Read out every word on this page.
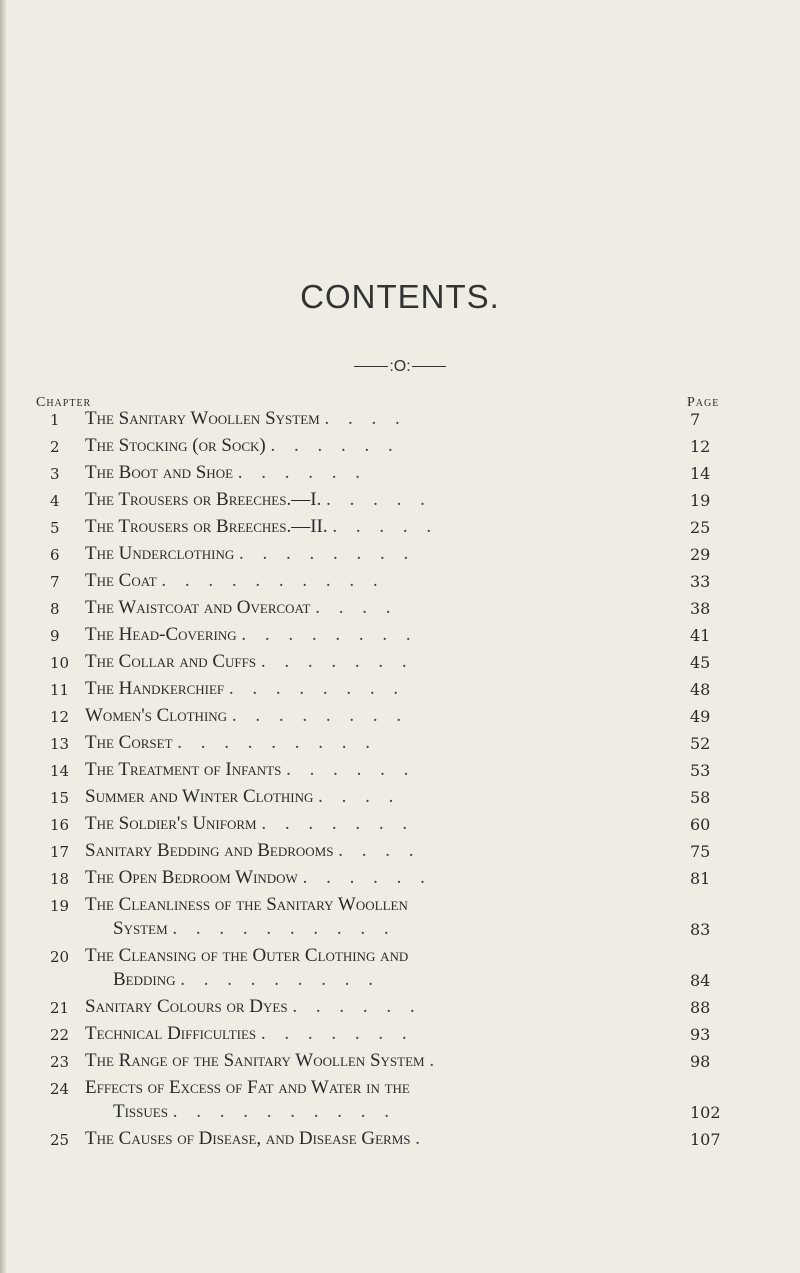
CONTENTS.
:O:
Chapter	Page
1	The Sanitary Woollen System . . . .	7
2	The Stocking (or Sock) . . . . . .	12
3	The Boot and Shoe . . . . . .	14
4	The Trousers or Breeches.—I. . . . . .	19
5	The Trousers or Breeches.—II. . . . . .	25
6	The Underclothing . . . . . . . .	29
7	The Coat . . . . . . . . . .	33
8	The Waistcoat and Overcoat . . . .	38
9	The Head-Covering . . . . . . . .	41
10 The Collar and Cuffs . . . . . . .	45
11 The Handkerchief . . . . . . . .	48
12 Women's Clothing . . . . . . . .	49
13 The Corset . . . . . . . . .	52
14 The Treatment of Infants . . . . . .	53
15 Summer and Winter Clothing . . . .	58
16 The Soldier's Uniform . . . . . . .	60
17 Sanitary Bedding and Bedrooms . . . .	75
18 The Open Bedroom Window . . . . . .	81
19 The Cleanliness of the Sanitary Woollen
System . . . . . . . . . .	83
20 The Cleansing of the Outer Clothing and
Bedding . . . . . . . . .	84
21 Sanitary Colours or Dyes . . . . . .	88
22 Technical Difficulties . . . . . . .	93
23 The Range of the Sanitary Woollen System .	98
24 Effects of Excess of Fat and Water in the
Tissues . . . . . . . . . .	102
25 The Causes of Disease, and Disease Germs .	107
